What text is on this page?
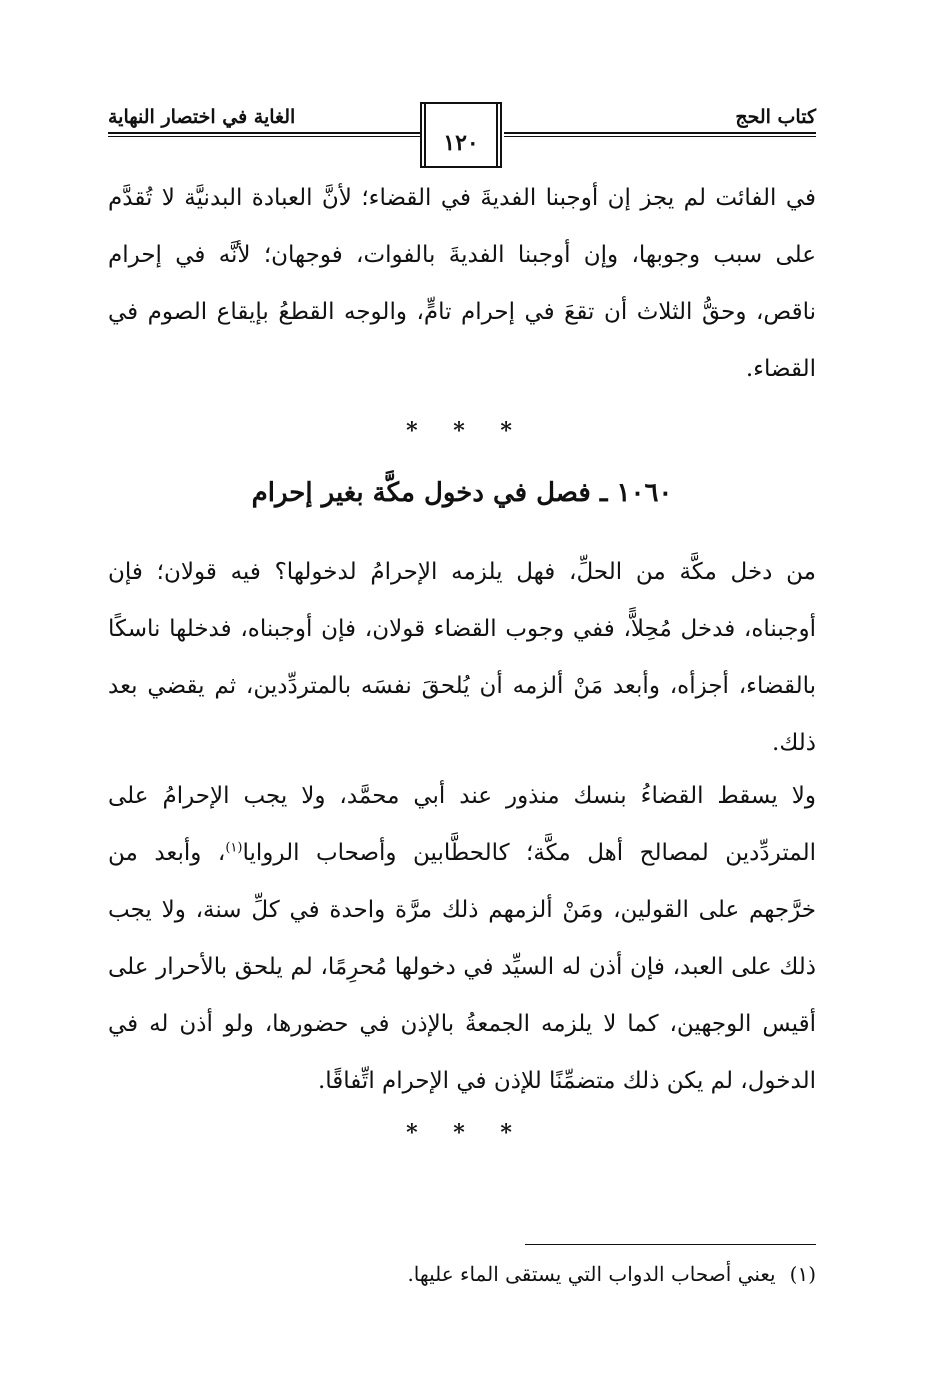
كتاب الحج
الغاية في اختصار النهاية
١٢٠

في الفائت لم يجز إن أوجبنا الفديةَ في القضاء؛ لأنَّ العبادة البدنيَّة لا تُقدَّم على سبب وجوبها، وإن أوجبنا الفديةَ بالفوات، فوجهان؛ لأنَّه في إحرام ناقص، وحقُّ الثلاث أن تقعَ في إحرام تامٍّ، والوجه القطعُ بإيقاع الصوم في القضاء.

* * *
١٠٦٠ ـ فصل في دخول مكَّة بغير إحرام

من دخل مكَّة من الحلِّ، فهل يلزمه الإحرامُ لدخولها؟ فيه قولان؛ فإن أوجبناه، فدخل مُحِلاًّ، ففي وجوب القضاء قولان، فإن أوجبناه، فدخلها ناسكًا بالقضاء، أجزأه، وأبعد مَنْ ألزمه أن يُلحقَ نفسَه بالمتردِّدين، ثم يقضي بعد ذلك.

ولا يسقط القضاءُ بنسك منذور عند أبي محمَّد، ولا يجب الإحرامُ على المتردِّدين لمصالح أهل مكَّة؛ كالحطَّابين وأصحاب الروايا$^{(١)}$، وأبعد من خرَّجهم على القولين، ومَنْ ألزمهم ذلك مرَّة واحدة في كلِّ سنة، ولا يجب ذلك على العبد، فإن أذن له السيِّد في دخولها مُحرِمًا، لم يلحق بالأحرار على أقيس الوجهين، كما لا يلزمه الجمعةُ بالإذن في حضورها، ولو أذن له في الدخول، لم يكن ذلك متضمِّنًا للإذن في الإحرام اتِّفاقًا.

* * *
(١)يعني أصحاب الدواب التي يستقى الماء عليها.
